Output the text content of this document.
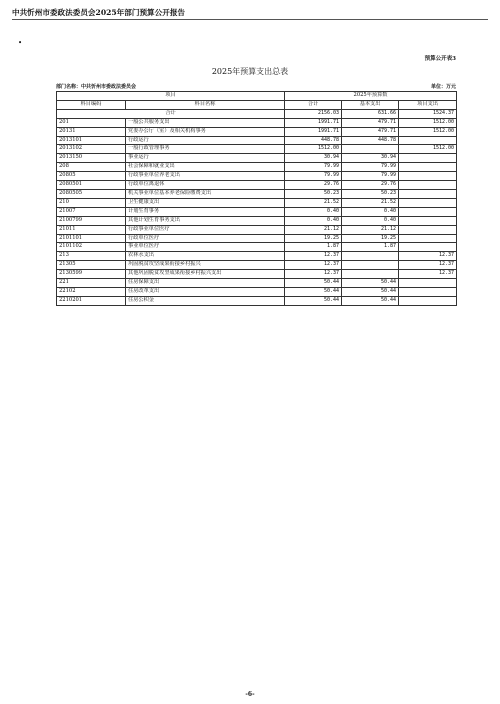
中共忻州市委政法委员会2025年部门预算公开报告
•
预算公开表3
2025年预算支出总表
部门名称：中共忻州市委政法委员会	单位：万元
项目		2025年预算数		
科目编码	科目名称	合计	基本支出	项目支出
合计		2156.03	631.66	1524.37
201	一般公共服务支出	1991.71	479.71	1512.00
20131	党委办公厅（室）及相关机构事务	1991.71	479.71	1512.00
2013101	行政运行	448.78	448.78	
2013102	一般行政管理事务	1512.00		1512.00
2013150	事业运行	30.94	30.94	
208	社会保障和就业支出	79.99	79.99	
20805	行政事业单位养老支出	79.99	79.99	
2080501	行政单位离退休	29.76	29.76	
2080505	机关事业单位基本养老保险缴费支出	50.23	50.23	
210	卫生健康支出	21.52	21.52	
21007	计划生育事务	0.40	0.40	
2100799	其他计划生育事务支出	0.40	0.40	
21011	行政事业单位医疗	21.12	21.12	
2101101	行政单位医疗	19.25	19.25	
2101102	事业单位医疗	1.87	1.87	
213	农林水支出	12.37		12.37
21305	巩固脱贫攻坚成果衔接乡村振兴	12.37		12.37
2130599	其他巩固脱贫攻坚成果衔接乡村振兴支出	12.37		12.37
221	住房保障支出	50.44	50.44	
22102	住房改革支出	50.44	50.44	
2210201	住房公积金	50.44	50.44	
-6-
